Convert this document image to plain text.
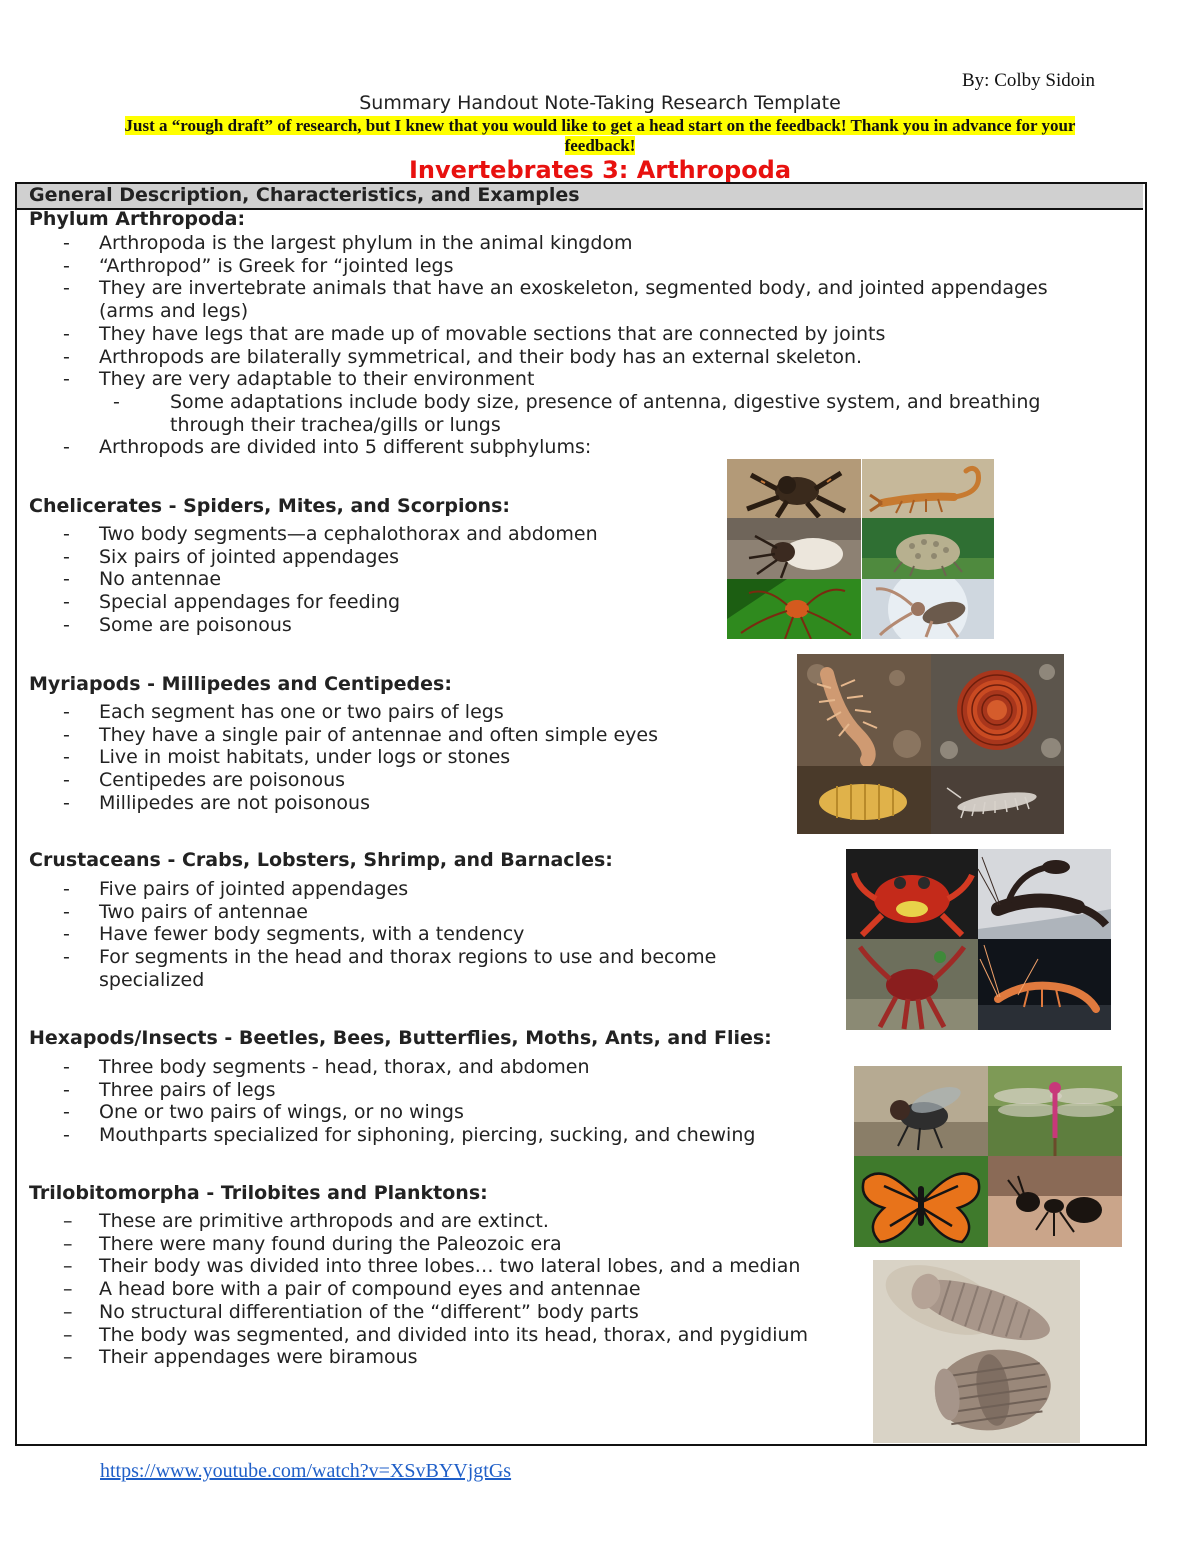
By: Colby Sidoin
Summary Handout Note-Taking Research Template
Just a “rough draft” of research, but I knew that you would like to get a head start on the feedback! Thank you in advance for your feedback!
Invertebrates 3: Arthropoda
General Description, Characteristics, and Examples
Phylum Arthropoda:
- Arthropoda is the largest phylum in the animal kingdom
- “Arthropod” is Greek for “jointed legs
- They are invertebrate animals that have an exoskeleton, segmented body, and jointed appendages
(arms and legs)
- They have legs that are made up of movable sections that are connected by joints
- Arthropods are bilaterally symmetrical, and their body has an external skeleton.
- They are very adaptable to their environment
-	Some adaptations include body size, presence of antenna, digestive system, and breathing
through their trachea/gills or lungs
- Arthropods are divided into 5 different subphylums:
Chelicerates - Spiders, Mites, and Scorpions:
- Two body segments—a cephalothorax and abdomen
- Six pairs of jointed appendages
- No antennae
- Special appendages for feeding
- Some are poisonous
Myriapods - Millipedes and Centipedes:
- Each segment has one or two pairs of legs
- They have a single pair of antennae and often simple eyes
- Live in moist habitats, under logs or stones
- Centipedes are poisonous
- Millipedes are not poisonous
Crustaceans - Crabs, Lobsters, Shrimp, and Barnacles:
- Five pairs of jointed appendages
- Two pairs of antennae
- Have fewer body segments, with a tendency
- For segments in the head and thorax regions to use and become
specialized
Hexapods/Insects - Beetles, Bees, Butterflies, Moths, Ants, and Flies:
- Three body segments - head, thorax, and abdomen
- Three pairs of legs
- One or two pairs of wings, or no wings
- Mouthparts specialized for siphoning, piercing, sucking, and chewing
Trilobitomorpha - Trilobites and Planktons:
– These are primitive arthropods and are extinct.
– There were many found during the Paleozoic era
– Their body was divided into three lobes… two lateral lobes, and a median
– A head bore with a pair of compound eyes and antennae
– No structural differentiation of the “different” body parts
– The body was segmented, and divided into its head, thorax, and pygidium
– Their appendages were biramous
https://www.youtube.com/watch?v=XSvBYVjgtGs
